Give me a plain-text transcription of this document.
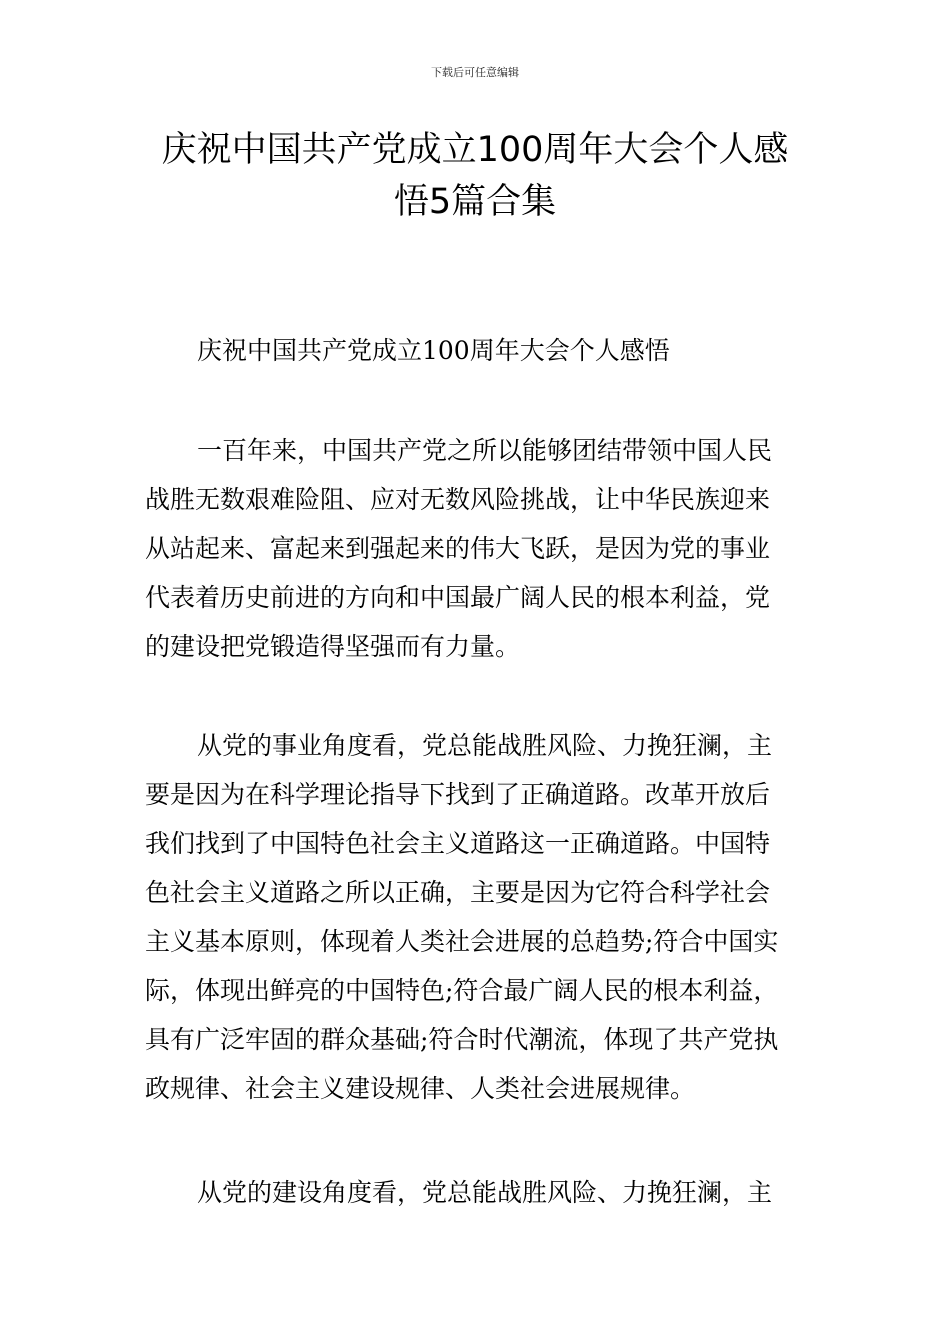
下载后可任意编辑
庆祝中国共产党成立100周年大会个人感
悟5篇合集

庆祝中国共产党成立100周年大会个人感悟

一百年来，中国共产党之所以能够团结带领中国人民
战胜无数艰难险阻、应对无数风险挑战，让中华民族迎来
从站起来、富起来到强起来的伟大飞跃，是因为党的事业
代表着历史前进的方向和中国最广阔人民的根本利益，党
的建设把党锻造得坚强而有力量。
从党的事业角度看，党总能战胜风险、力挽狂澜，主
要是因为在科学理论指导下找到了正确道路。改革开放后
我们找到了中国特色社会主义道路这一正确道路。中国特
色社会主义道路之所以正确，主要是因为它符合科学社会
主义基本原则，体现着人类社会进展的总趋势;符合中国实
际，体现出鲜亮的中国特色;符合最广阔人民的根本利益，
具有广泛牢固的群众基础;符合时代潮流，体现了共产党执
政规律、社会主义建设规律、人类社会进展规律。
从党的建设角度看，党总能战胜风险、力挽狂澜，主
